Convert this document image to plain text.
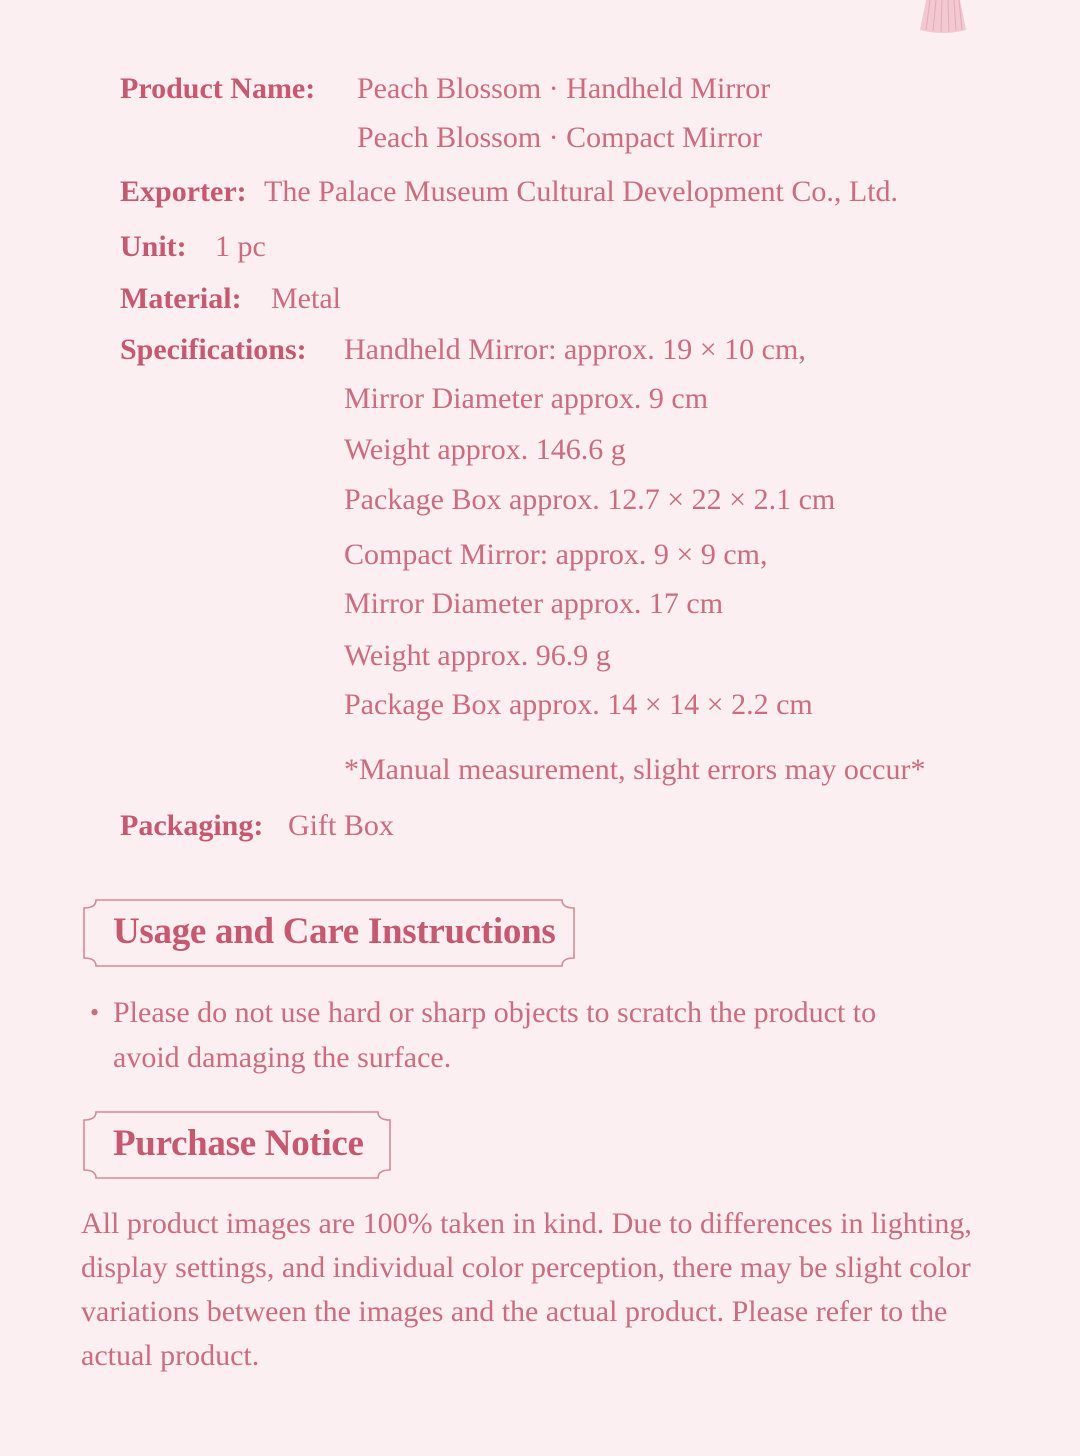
Product Name: Peach Blossom · Handheld Mirror
Peach Blossom · Compact Mirror
Exporter: The Palace Museum Cultural Development Co., Ltd.
Unit: 1 pc
Material: Metal
Specifications: Handheld Mirror: approx. 19 × 10 cm,
Mirror Diameter approx. 9 cm
Weight approx. 146.6 g
Package Box approx. 12.7 × 22 × 2.1 cm
Compact Mirror: approx. 9 × 9 cm,
Mirror Diameter approx. 17 cm
Weight approx. 96.9 g
Package Box approx. 14 × 14 × 2.2 cm
*Manual measurement, slight errors may occur*
Packaging: Gift Box
Usage and Care Instructions
• Please do not use hard or sharp objects to scratch the product to avoid damaging the surface.
Purchase Notice
All product images are 100% taken in kind. Due to differences in lighting, display settings, and individual color perception, there may be slight color variations between the images and the actual product. Please refer to the actual product.
